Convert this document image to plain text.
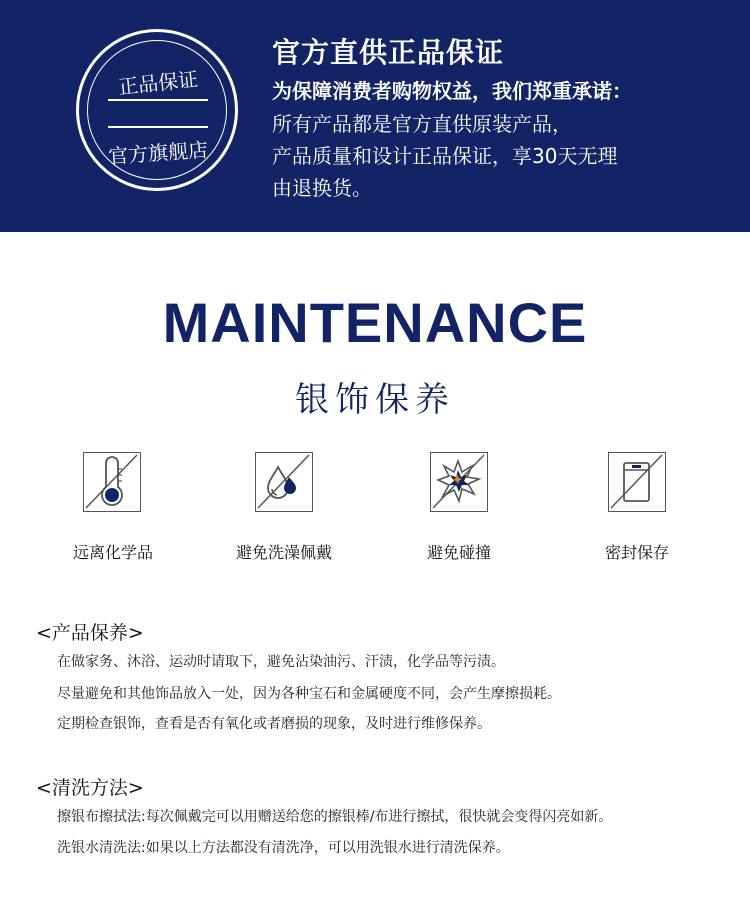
正品保证
官方旗舰店
官方直供正品保证
为保障消费者购物权益，我们郑重承诺：
所有产品都是官方直供原装产品，
产品质量和设计正品保证，享30天无理
由退换货。
MAINTENANCE
银饰保养
远离化学品	避免洗澡佩戴	避免碰撞	密封保存
<产品保养>
在做家务、沐浴、运动时请取下，避免沾染油污、汗渍，化学品等污渍。
尽量避免和其他饰品放入一处，因为各种宝石和金属硬度不同，会产生摩擦损耗。
定期检查银饰，查看是否有氧化或者磨损的现象，及时进行维修保养。
<清洗方法>
擦银布擦拭法:每次佩戴完可以用赠送给您的擦银棒/布进行擦拭，很快就会变得闪亮如新。
洗银水清洗法:如果以上方法都没有清洗净，可以用洗银水进行清洗保养。
